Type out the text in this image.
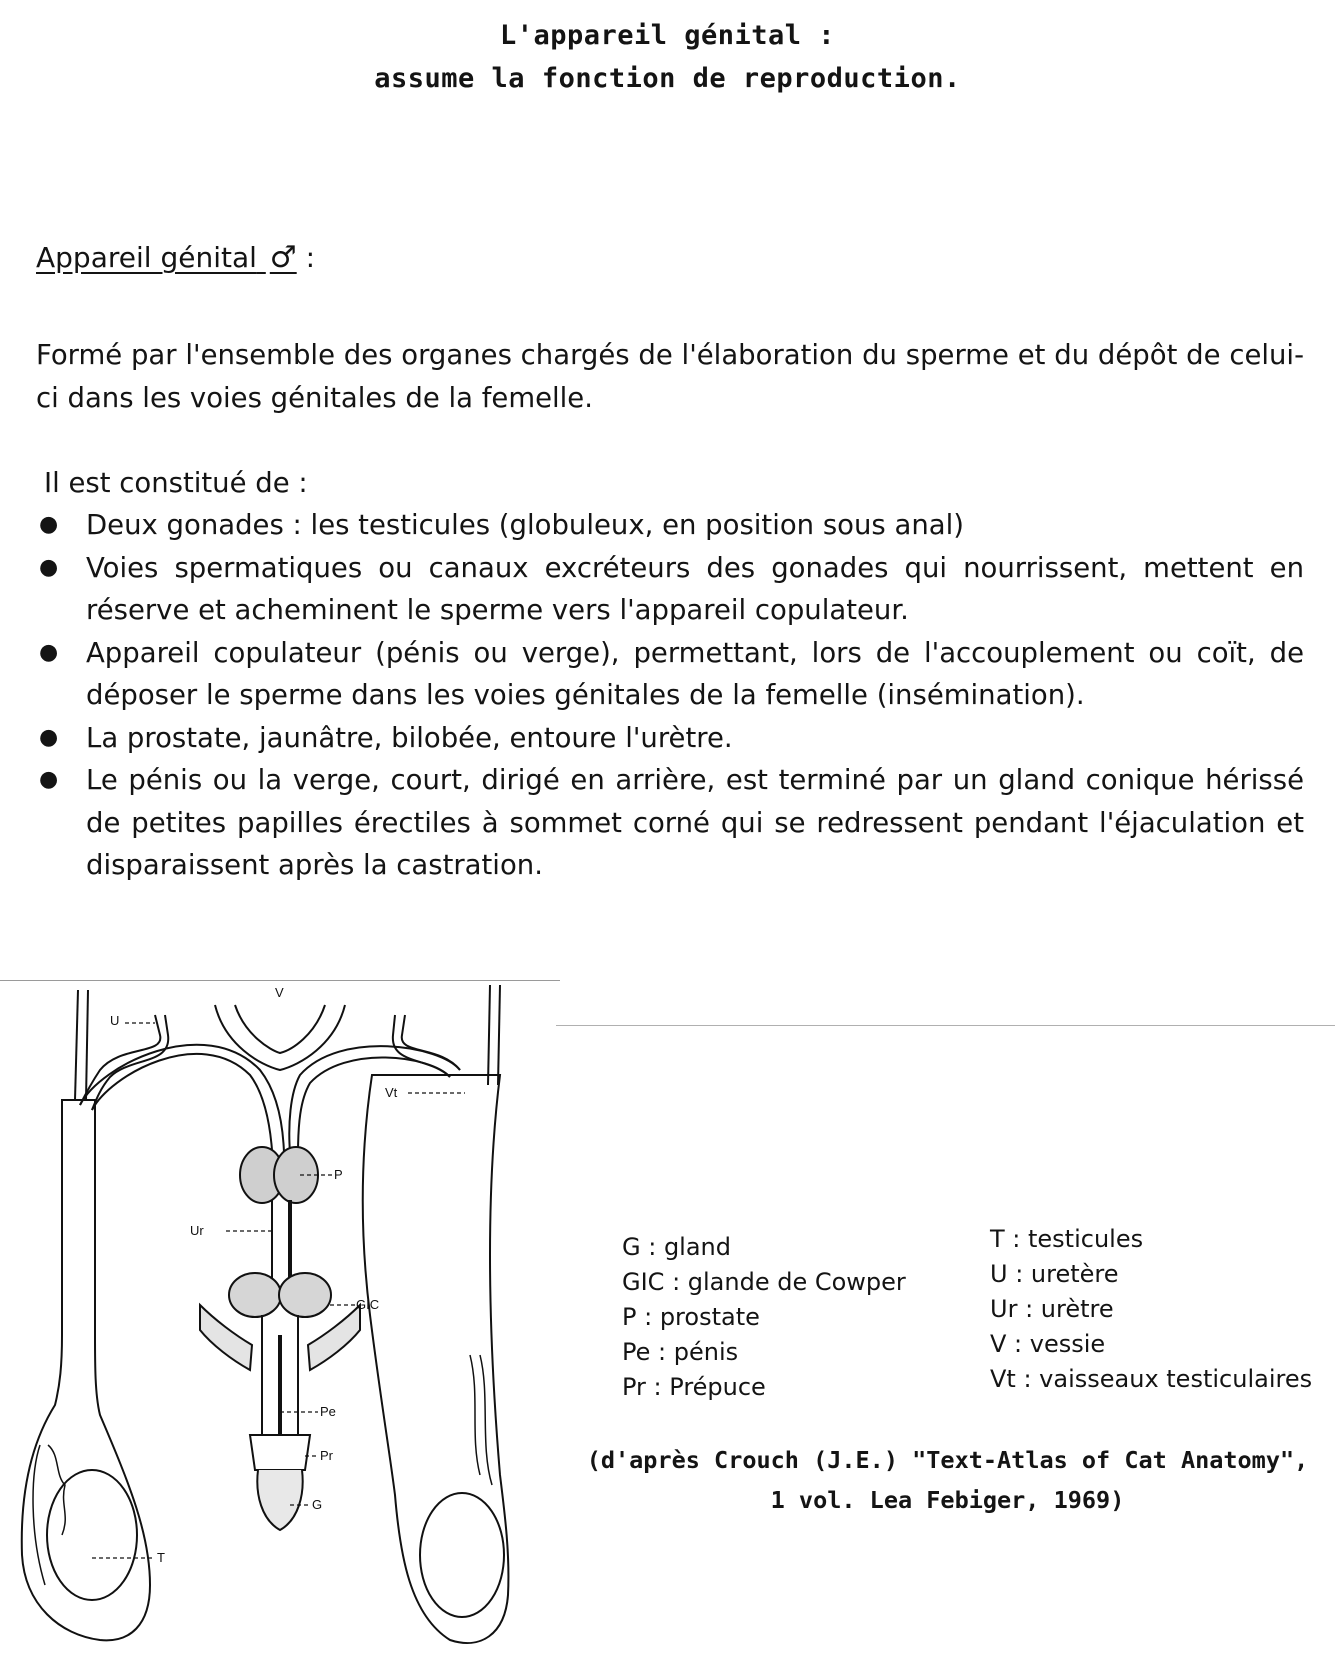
L'appareil génital :
assume la fonction de reproduction.
Appareil génital ♂ :
Formé par l'ensemble des organes chargés de l'élaboration du sperme et du dépôt de celui-ci dans les voies génitales de la femelle.
Il est constitué de :
● Deux gonades : les testicules (globuleux, en position sous anal)
● Voies spermatiques ou canaux excréteurs des gonades qui nourrissent, mettent en réserve et acheminent le sperme vers l'appareil copulateur.
● Appareil copulateur (pénis ou verge), permettant, lors de l'accouplement ou coït, de déposer le sperme dans les voies génitales de la femelle (insémination).
● La prostate, jaunâtre, bilobée, entoure l'urètre.
● Le pénis ou la verge, court, dirigé en arrière, est terminé par un gland conique hérissé de petites papilles érectiles à sommet corné qui se redressent pendant l'éjaculation et disparaissent après la castration.
V
U
Vt
P
Ur
GIC
Pe
Pr
G
T
G : gland
GIC : glande de Cowper
P : prostate
Pe : pénis
Pr : Prépuce
T : testicules
U : uretère
Ur : urètre
V : vessie
Vt : vaisseaux testiculaires
(d'après Crouch (J.E.) "Text-Atlas of Cat Anatomy",
1 vol. Lea Febiger, 1969)
